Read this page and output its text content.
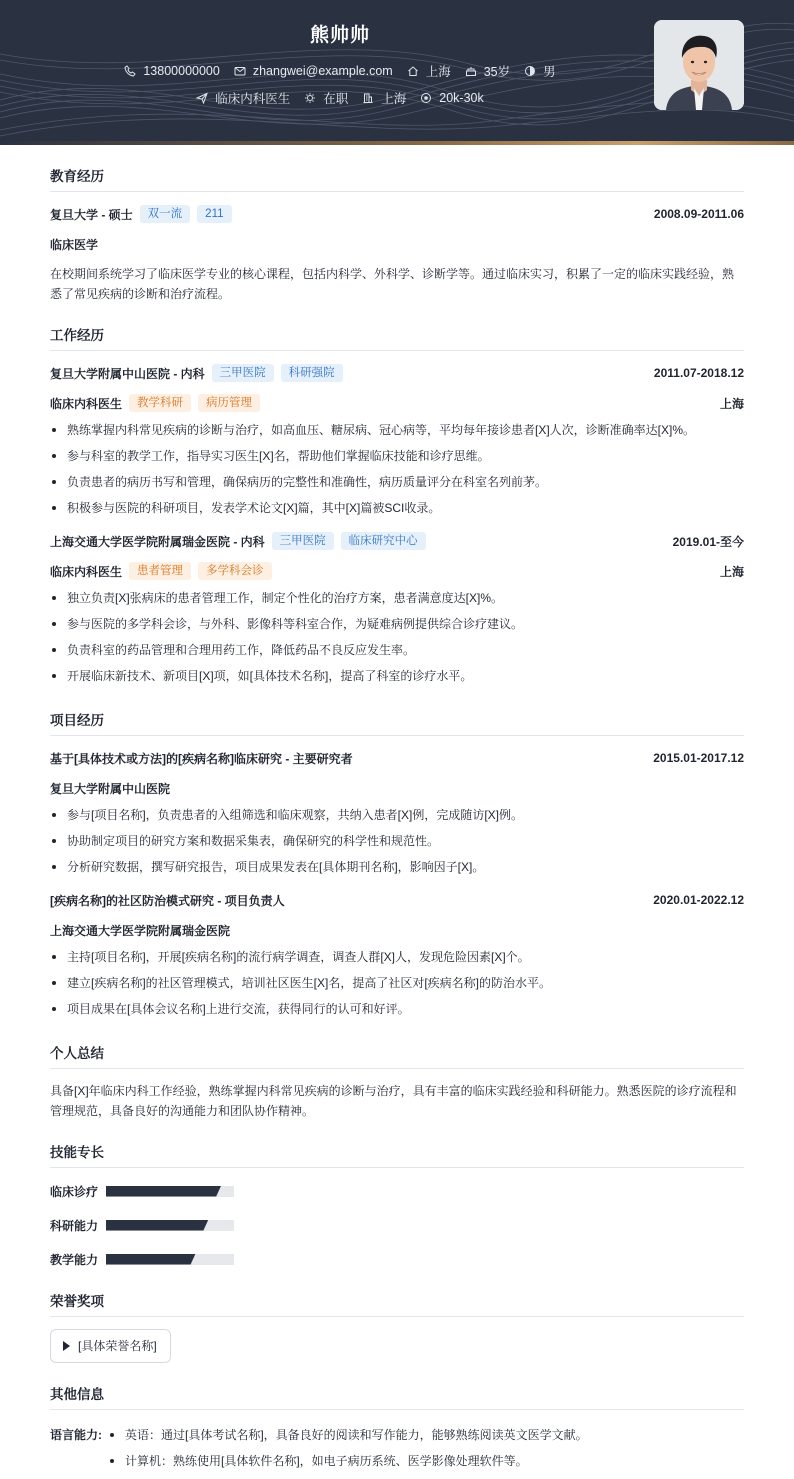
熊帅帅
13800000000	zhangwei@example.com	上海	35岁	男
临床内科医生	在职	上海	20k-30k
教育经历
复旦大学 - 硕士	双一流	211	2008.09-2011.06
临床医学

在校期间系统学习了临床医学专业的核心课程，包括内科学、外科学、诊断学等。通过临床实习，积累了一定的临床实践经验，熟悉了常见疾病的诊断和治疗流程。

工作经历
复旦大学附属中山医院 - 内科	三甲医院	科研强院	2011.07-2018.12
临床内科医生	教学科研	病历管理	上海
熟练掌握内科常见疾病的诊断与治疗，如高血压、糖尿病、冠心病等，平均每年接诊患者[X]人次，诊断准确率达[X]%。
参与科室的教学工作，指导实习医生[X]名，帮助他们掌握临床技能和诊疗思维。
负责患者的病历书写和管理，确保病历的完整性和准确性，病历质量评分在科室名列前茅。
积极参与医院的科研项目，发表学术论文[X]篇，其中[X]篇被SCI收录。
上海交通大学医学院附属瑞金医院 - 内科	三甲医院	临床研究中心	2019.01-至今
临床内科医生	患者管理	多学科会诊	上海
独立负责[X]张病床的患者管理工作，制定个性化的治疗方案，患者满意度达[X]%。
参与医院的多学科会诊，与外科、影像科等科室合作，为疑难病例提供综合诊疗建议。
负责科室的药品管理和合理用药工作，降低药品不良反应发生率。
开展临床新技术、新项目[X]项，如[具体技术名称]，提高了科室的诊疗水平。
项目经历
基于[具体技术或方法]的[疾病名称]临床研究 - 主要研究者	2015.01-2017.12
复旦大学附属中山医院
参与[项目名称]，负责患者的入组筛选和临床观察，共纳入患者[X]例，完成随访[X]例。
协助制定项目的研究方案和数据采集表，确保研究的科学性和规范性。
分析研究数据，撰写研究报告，项目成果发表在[具体期刊名称]，影响因子[X]。
[疾病名称]的社区防治模式研究 - 项目负责人	2020.01-2022.12
上海交通大学医学院附属瑞金医院
主持[项目名称]，开展[疾病名称]的流行病学调查，调查人群[X]人，发现危险因素[X]个。
建立[疾病名称]的社区管理模式，培训社区医生[X]名，提高了社区对[疾病名称]的防治水平。
项目成果在[具体会议名称]上进行交流，获得同行的认可和好评。
个人总结

具备[X]年临床内科工作经验，熟练掌握内科常见疾病的诊断与治疗，具有丰富的临床实践经验和科研能力。熟悉医院的诊疗流程和管理规范，具备良好的沟通能力和团队协作精神。

技能专长
临床诊疗
科研能力
教学能力
荣誉奖项
[具体荣誉名称]
其他信息
语言能力:	英语：通过[具体考试名称]，具备良好的阅读和写作能力，能够熟练阅读英文医学文献。
计算机：熟练使用[具体软件名称]，如电子病历系统、医学影像处理软件等。
